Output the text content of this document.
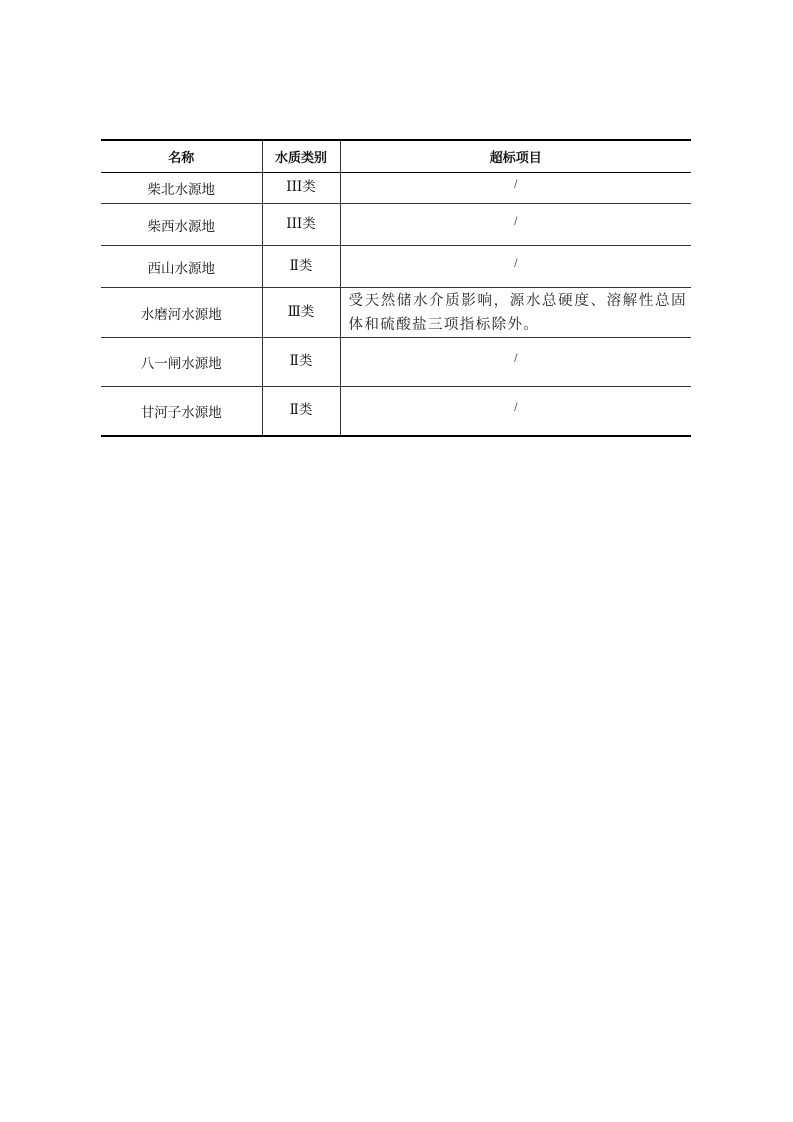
名称	水质类别	超标项目
柴北水源地	III类	/
柴西水源地	III类	/
西山水源地	Ⅱ类	/
水磨河水源地	Ⅲ类	受天然储水介质影响，源水总硬度、溶解性总固体和硫酸盐三项指标除外。

八一闸水源地	Ⅱ类	/
甘河子水源地	Ⅱ类	/
